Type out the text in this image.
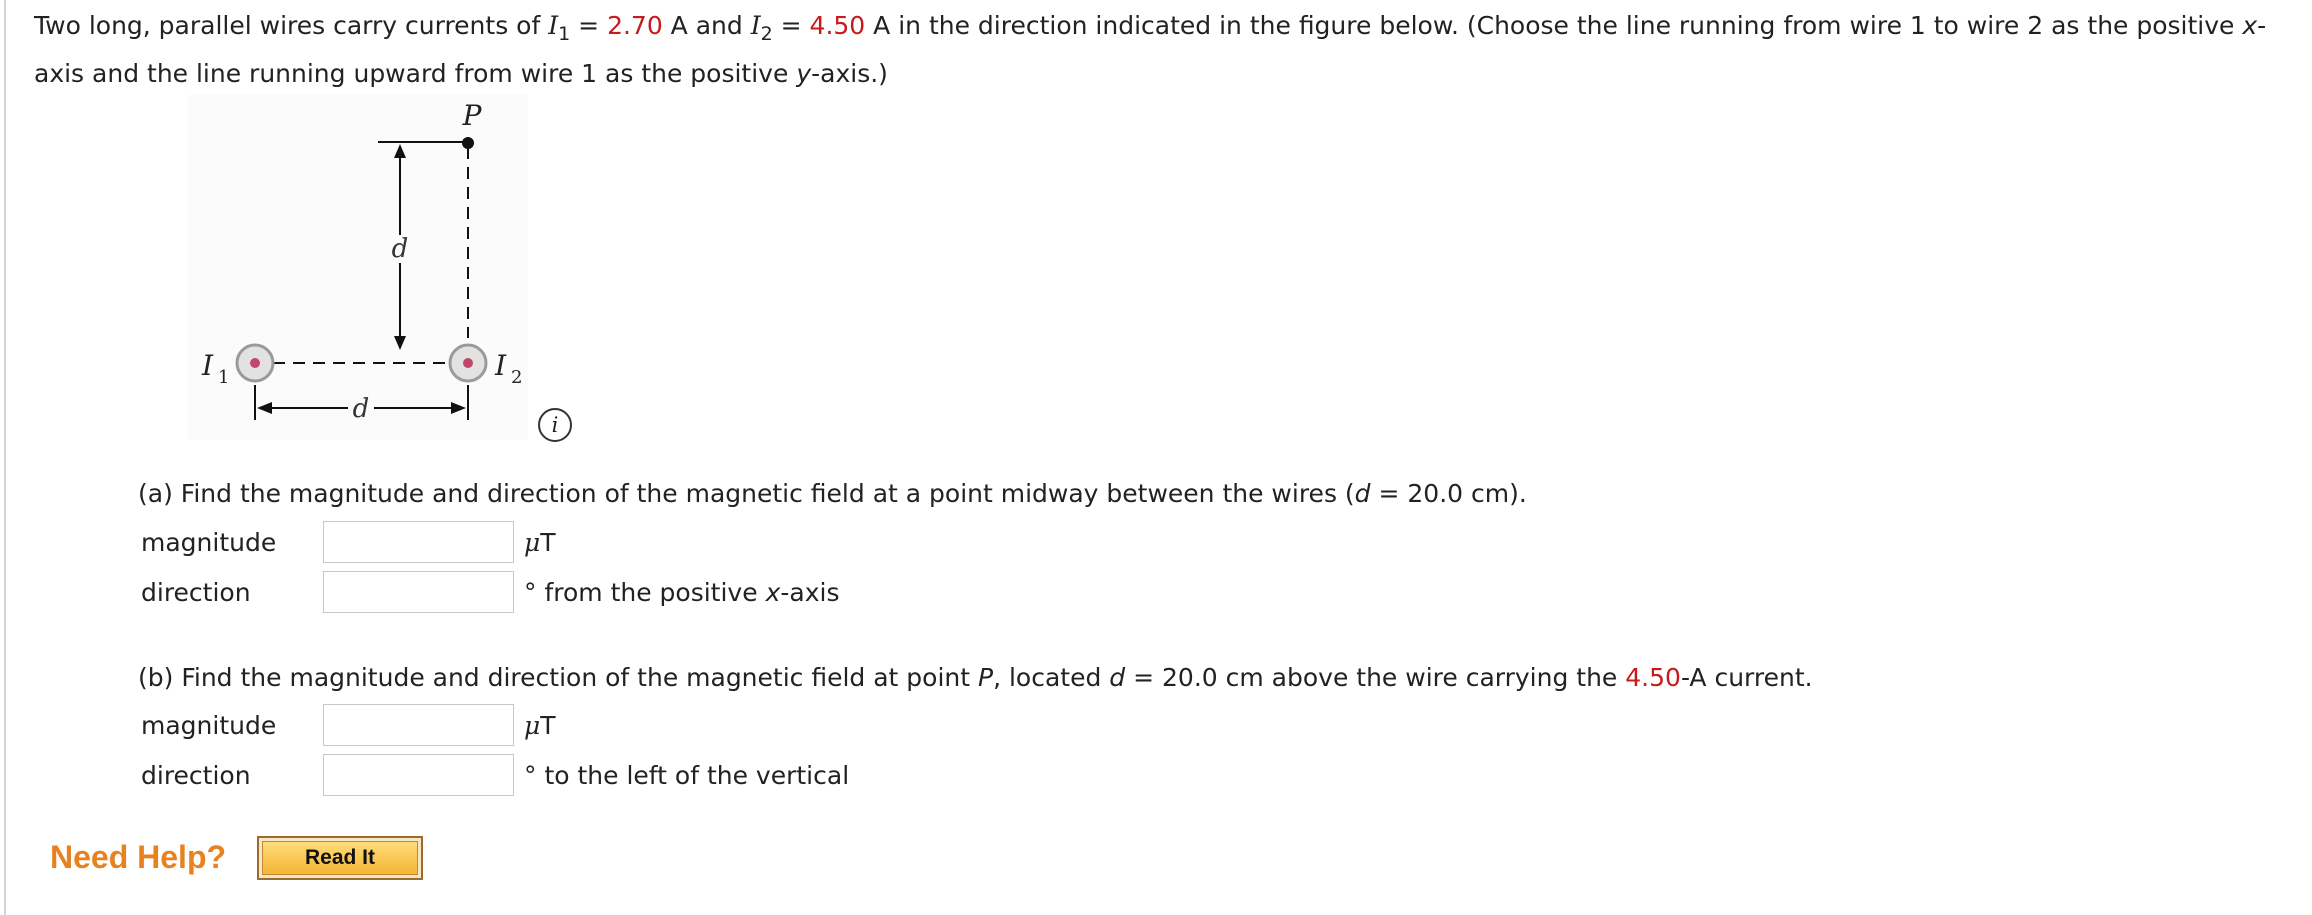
Two long, parallel wires carry currents of $I_1 = 2.70$ A and $I_2 = 4.50$ A in the direction indicated in the figure below. (Choose the line running from wire 1 to wire 2 as the positive x-axis and the line running upward from wire 1 as the positive y-axis.)
d
P
I 1	I 2
d
i
(a) Find the magnitude and direction of the magnetic field at a point midway between the wires (d = 20.0 cm).
magnitude	μT
direction	° from the positive x-axis
(b) Find the magnitude and direction of the magnetic field at point P, located d = 20.0 cm above the wire carrying the 4.50-A current.
magnitude	μT
direction	° to the left of the vertical
Need Help?	Read It
